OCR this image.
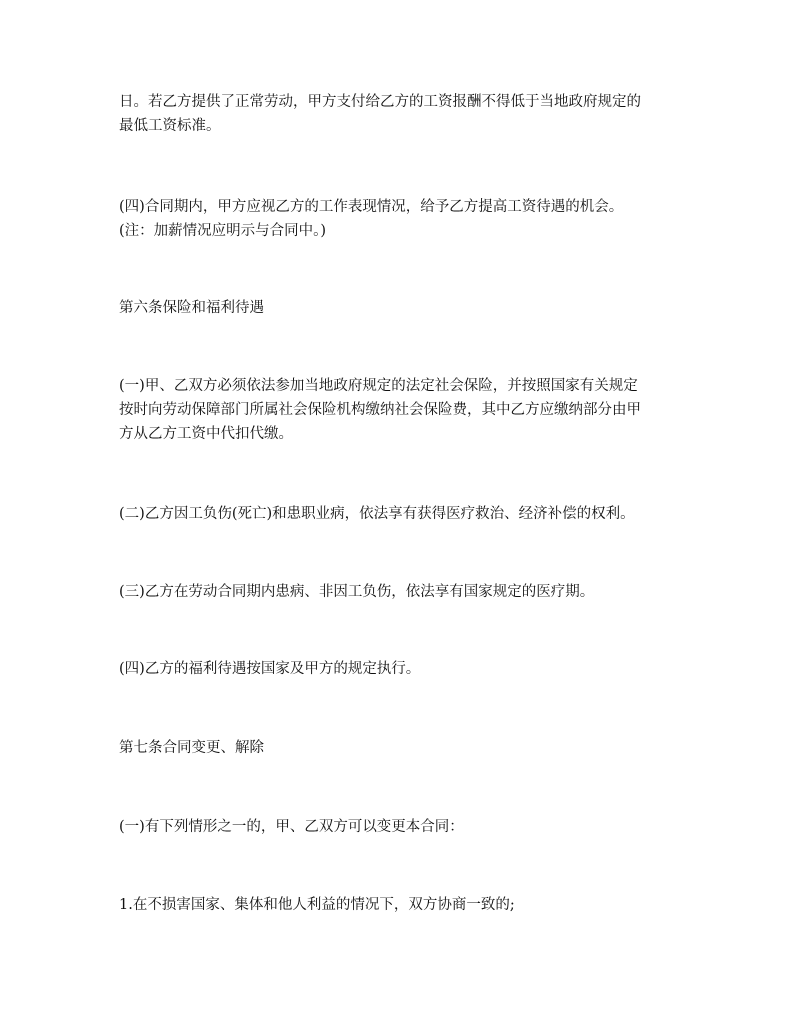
日。若乙方提供了正常劳动，甲方支付给乙方的工资报酬不得低于当地政府规定的
最低工资标准。

(四)合同期内，甲方应视乙方的工作表现情况，给予乙方提高工资待遇的机会。
(注：加薪情况应明示与合同中。)

第六条保险和福利待遇

(一)甲、乙双方必须依法参加当地政府规定的法定社会保险，并按照国家有关规定
按时向劳动保障部门所属社会保险机构缴纳社会保险费，其中乙方应缴纳部分由甲
方从乙方工资中代扣代缴。

(二)乙方因工负伤(死亡)和患职业病，依法享有获得医疗救治、经济补偿的权利。

(三)乙方在劳动合同期内患病、非因工负伤，依法享有国家规定的医疗期。

(四)乙方的福利待遇按国家及甲方的规定执行。

第七条合同变更、解除

(一)有下列情形之一的，甲、乙双方可以变更本合同：

1.在不损害国家、集体和他人利益的情况下，双方协商一致的;
